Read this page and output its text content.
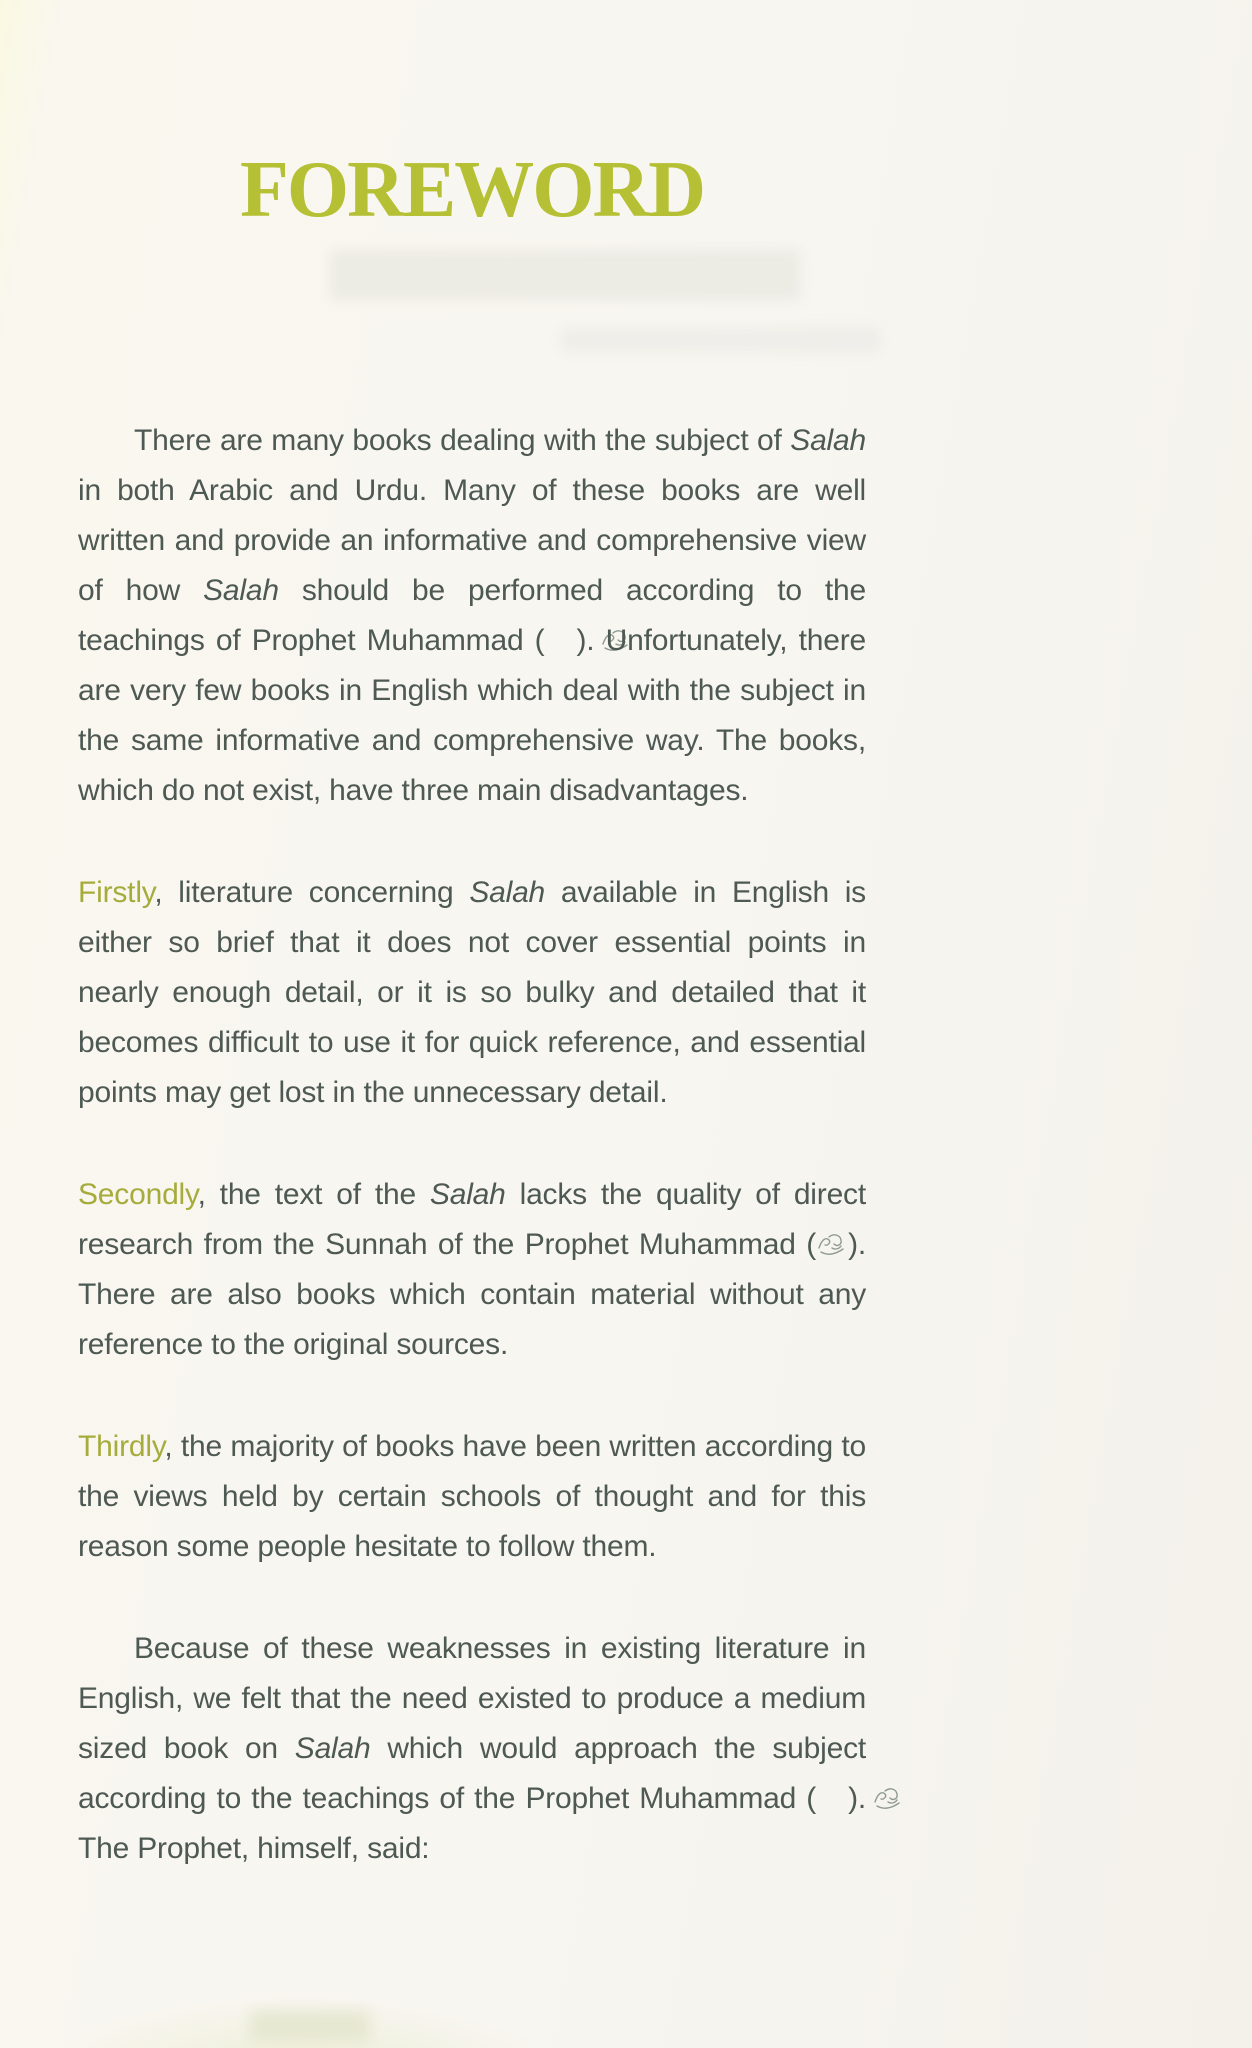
FOREWORD

There are many books dealing with the subject of Salah in both Arabic and Urdu. Many of these books are well written and provide an informative and comprehensive view of how Salah should be performed according to the teachings of Prophet Muhammad ( ). Unfortunately, there are very few books in English which deal with the subject in the same informative and comprehensive way. The books, which do not exist, have three main disadvantages.

Firstly, literature concerning Salah available in English is either so brief that it does not cover essential points in nearly enough detail, or it is so bulky and detailed that it becomes difficult to use it for quick reference, and essential points may get lost in the unnecessary detail.

Secondly, the text of the Salah lacks the quality of direct research from the Sunnah of the Prophet Muhammad ( ). There are also books which contain material without any reference to the original sources.

Thirdly, the majority of books have been written according to the views held by certain schools of thought and for this reason some people hesitate to follow them.

Because of these weaknesses in existing literature in English, we felt that the need existed to produce a medium sized book on Salah which would approach the subject according to the teachings of the Prophet Muhammad ( ). The Prophet, himself, said:
